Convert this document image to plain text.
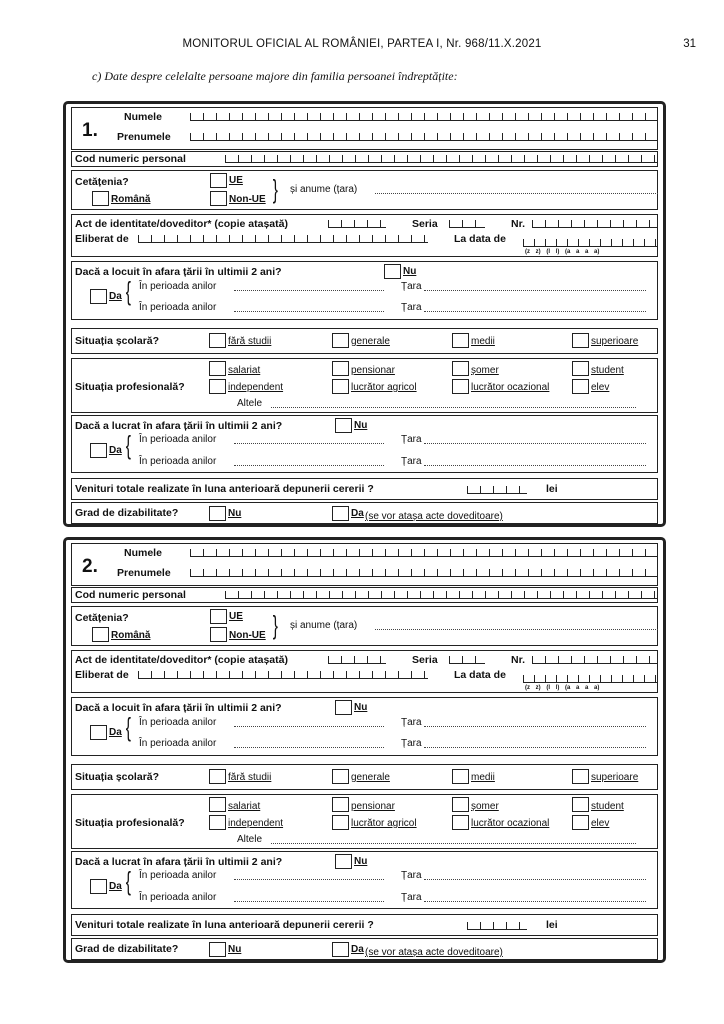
MONITORUL OFICIAL AL ROMÂNIEI, PARTEA I, Nr. 968/11.X.2021	31
c) Date despre celelalte persoane majore din familia persoanei îndreptățite:
1.
Numele
Prenumele
Cod numeric personal
Cetățenia?	UE
Non-UE
Română	} și anume (țara)
Act de identitate/doveditor* (copie atașată)	Seria	Nr.
Eliberat de	La data de
(z z) (l l) (a a a a)
Dacă a locuit în afara țării în ultimii 2 ani?	Nu
Da { În perioada anilor	Țara
În perioada anilor	Țara
Situația școlară?	fără studii	generale	medii	superioare
Situația profesională?
salariat	pensionar	șomer	student
independent	lucrător agricol	lucrător ocazional	elev
Altele
Dacă a lucrat în afara țării în ultimii 2 ani?	Nu
Da { În perioada anilor	Țara
În perioada anilor	Țara
Venituri totale realizate în luna anterioară depunerii cererii ?	lei
Grad de dizabilitate?	Nu	Da (se vor atașa acte doveditoare)
2.
Numele
Prenumele
Cod numeric personal
Cetățenia?	UE
Non-UE
Română	} și anume (țara)
Act de identitate/doveditor* (copie atașată)	Seria	Nr.
Eliberat de	La data de
(z z) (l l) (a a a a)
Dacă a locuit în afara țării în ultimii 2 ani?	Nu
Da { În perioada anilor	Țara
În perioada anilor	Țara
Situația școlară?	fără studii	generale	medii	superioare
Situația profesională?
salariat	pensionar	șomer	student
independent	lucrător agricol	lucrător ocazional	elev
Altele
Dacă a lucrat în afara țării în ultimii 2 ani?	Nu
Da { În perioada anilor	Țara
În perioada anilor	Țara
Venituri totale realizate în luna anterioară depunerii cererii ?	lei
Grad de dizabilitate?	Nu	Da (se vor atașa acte doveditoare)
